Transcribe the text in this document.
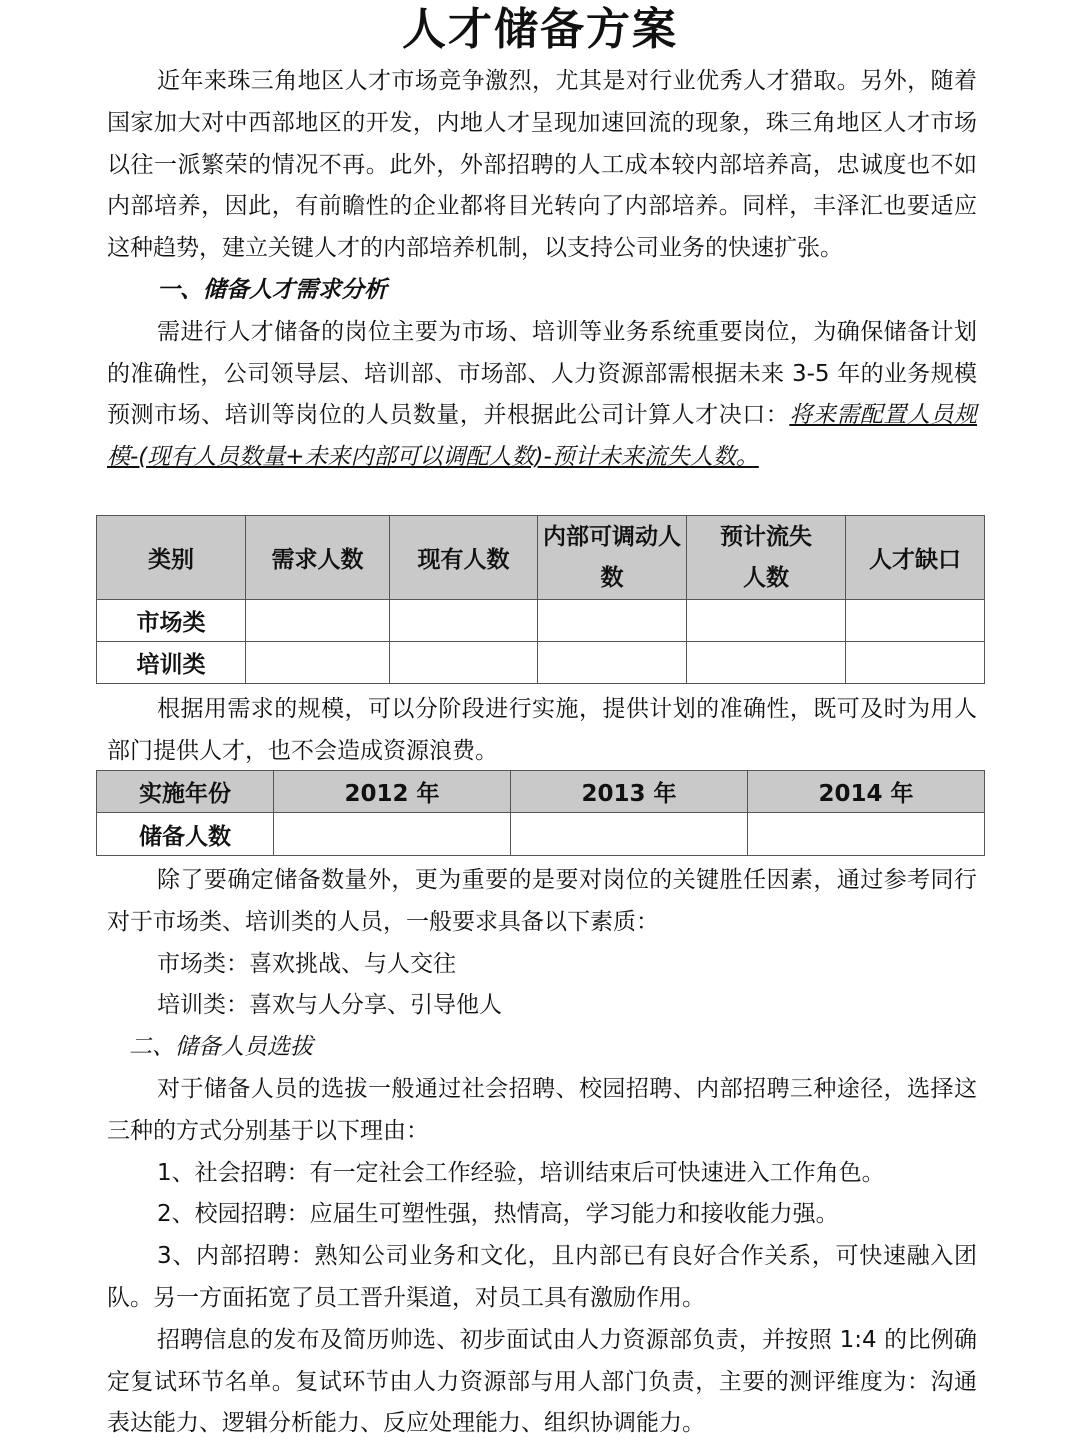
人才储备方案

近年来珠三角地区人才市场竞争激烈，尤其是对行业优秀人才猎取。另外，随着国家加大对中西部地区的开发，内地人才呈现加速回流的现象，珠三角地区人才市场以往一派繁荣的情况不再。此外，外部招聘的人工成本较内部培养高，忠诚度也不如内部培养，因此，有前瞻性的企业都将目光转向了内部培养。同样，丰泽汇也要适应这种趋势，建立关键人才的内部培养机制，以支持公司业务的快速扩张。

一、储备人才需求分析

需进行人才储备的岗位主要为市场、培训等业务系统重要岗位，为确保储备计划的准确性，公司领导层、培训部、市场部、人力资源部需根据未来 3-5 年的业务规模预测市场、培训等岗位的人员数量，并根据此公司计算人才决口：将来需配置人员规模-(现有人员数量+未来内部可以调配人数)-预计未来流失人数。

类别	需求人数	现有人数	内部可调动人数	预计流失人数	人才缺口
市场类					
培训类					

根据用需求的规模，可以分阶段进行实施，提供计划的准确性，既可及时为用人部门提供人才，也不会造成资源浪费。

实施年份	2012 年	2013 年	2014 年
储备人数			

除了要确定储备数量外，更为重要的是要对岗位的关键胜任因素，通过参考同行对于市场类、培训类的人员，一般要求具备以下素质：

市场类：喜欢挑战、与人交往

培训类：喜欢与人分享、引导他人

二、储备人员选拔

对于储备人员的选拔一般通过社会招聘、校园招聘、内部招聘三种途径，选择这三种的方式分别基于以下理由：

1、社会招聘：有一定社会工作经验，培训结束后可快速进入工作角色。

2、校园招聘：应届生可塑性强，热情高，学习能力和接收能力强。

3、内部招聘：熟知公司业务和文化，且内部已有良好合作关系，可快速融入团队。另一方面拓宽了员工晋升渠道，对员工具有激励作用。

招聘信息的发布及简历帅选、初步面试由人力资源部负责，并按照 1:4 的比例确定复试环节名单。复试环节由人力资源部与用人部门负责，主要的测评维度为：沟通表达能力、逻辑分析能力、反应处理能力、组织协调能力。
